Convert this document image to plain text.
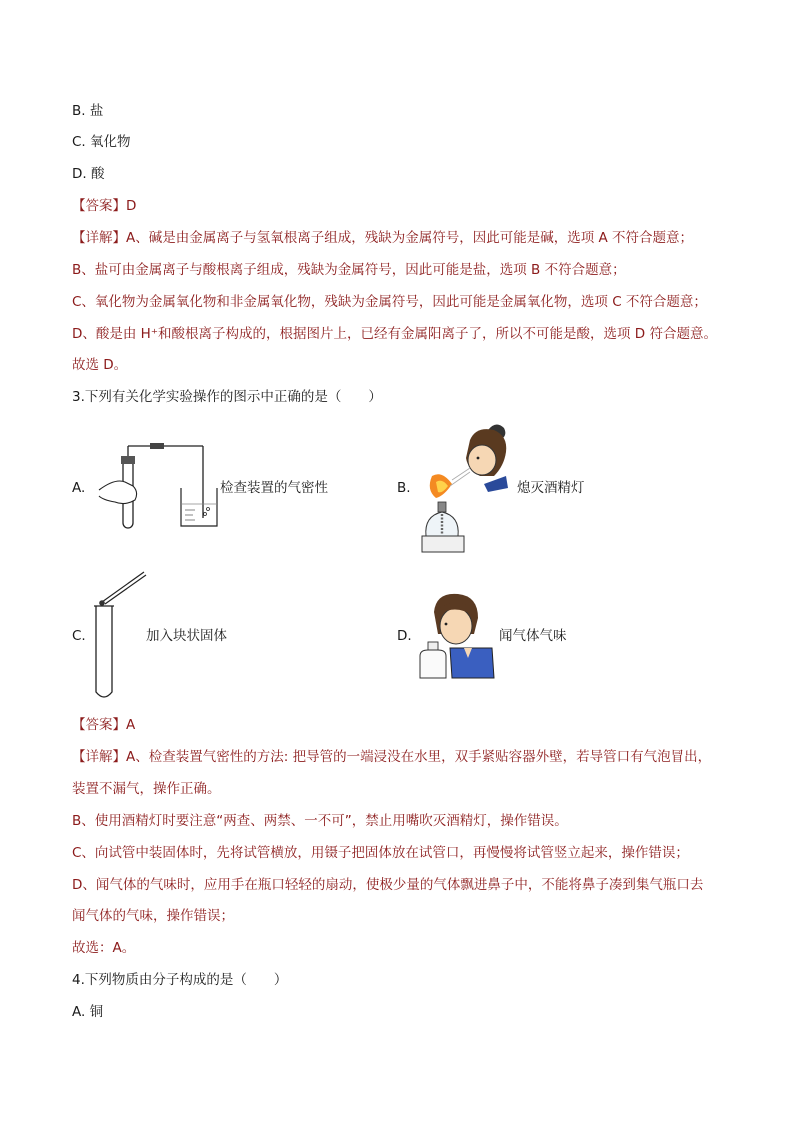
B. 盐
C. 氧化物
D. 酸
【答案】D
【详解】A、碱是由金属离子与氢氧根离子组成，残缺为金属符号，因此可能是碱，选项 A 不符合题意；
B、盐可由金属离子与酸根离子组成，残缺为金属符号，因此可能是盐，选项 B 不符合题意；
C、氧化物为金属氧化物和非金属氧化物，残缺为金属符号，因此可能是金属氧化物，选项 C 不符合题意；
D、酸是由 H⁺和酸根离子构成的，根据图片上，已经有金属阳离子了，所以不可能是酸，选项 D 符合题意。
故选 D。
3.下列有关化学实验操作的图示中正确的是（　　）
A.	检查装置的气密性	B.	熄灭酒精灯
C.	加入块状固体	D.	闻气体气味
【答案】A
【详解】A、检查装置气密性的方法: 把导管的一端浸没在水里，双手紧贴容器外壁，若导管口有气泡冒出，
装置不漏气，操作正确。
B、使用酒精灯时要注意“两查、两禁、一不可”，禁止用嘴吹灭酒精灯，操作错误。
C、向试管中装固体时，先将试管横放，用镊子把固体放在试管口，再慢慢将试管竖立起来，操作错误；
D、闻气体的气味时，应用手在瓶口轻轻的扇动，使极少量的气体飘进鼻子中，不能将鼻子凑到集气瓶口去
闻气体的气味，操作错误；
故选：A。
4.下列物质由分子构成的是（　　）
A. 铜
